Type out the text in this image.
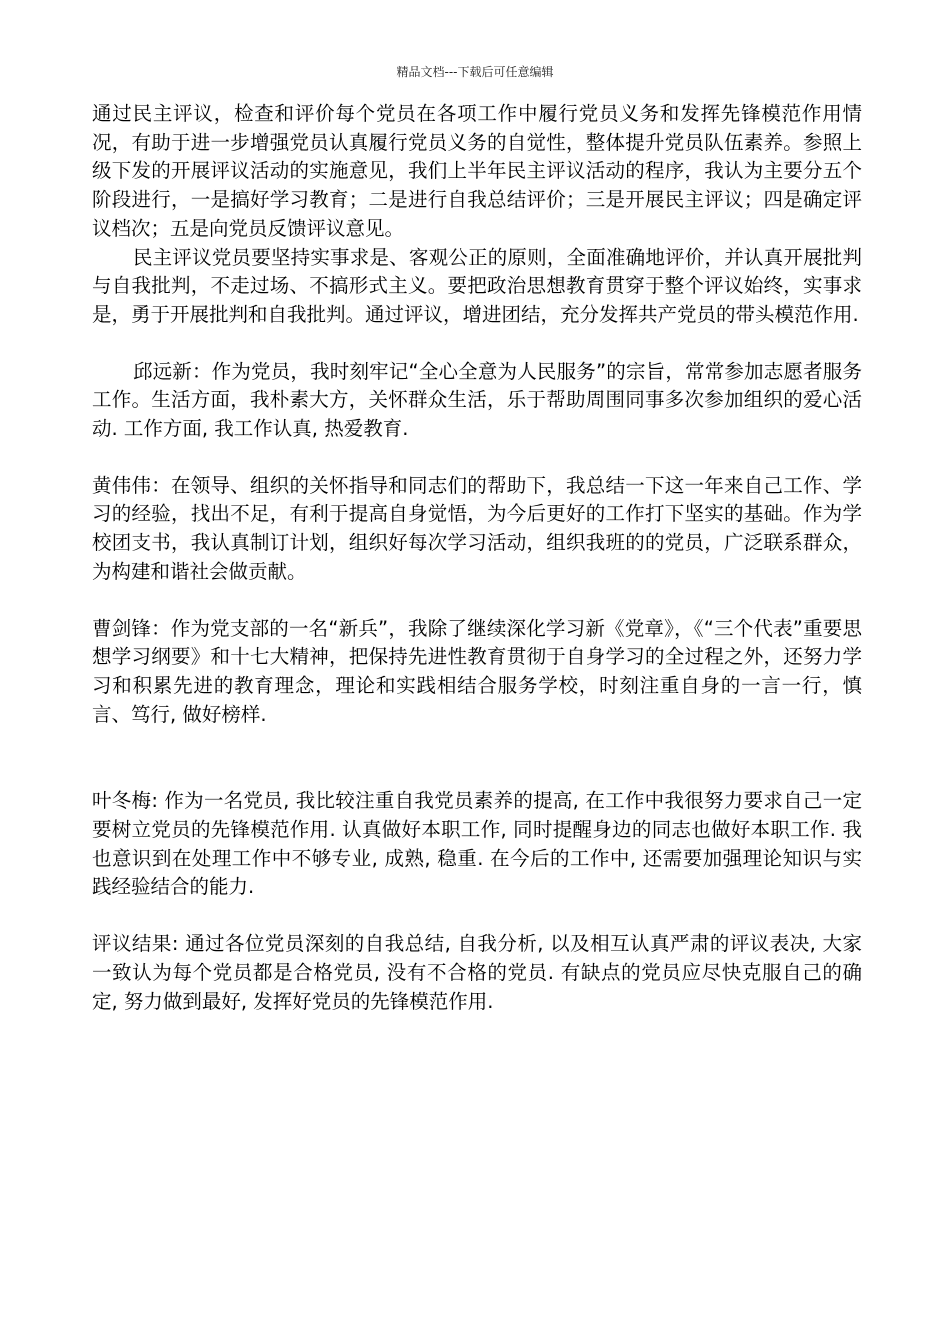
精品文档---下载后可任意编辑

通过民主评议，检查和评价每个党员在各项工作中履行党员义务和发挥先锋模范作用情况，有助于进一步增强党员认真履行党员义务的自觉性，整体提升党员队伍素养。参照上级下发的开展评议活动的实施意见，我们上半年民主评议活动的程序，我认为主要分五个阶段进行，一是搞好学习教育；二是进行自我总结评价；三是开展民主评议；四是确定评议档次；五是向党员反馈评议意见。

民主评议党员要坚持实事求是、客观公正的原则，全面准确地评价，并认真开展批判与自我批判，不走过场、不搞形式主义。要把政治思想教育贯穿于整个评议始终，实事求是，勇于开展批判和自我批判。通过评议，增进团结，充分发挥共产党员的带头模范作用.

邱远新：作为党员，我时刻牢记“全心全意为人民服务”的宗旨，常常参加志愿者服务工作。生活方面，我朴素大方，关怀群众生活，乐于帮助周围同事多次参加组织的爱心活动. 工作方面, 我工作认真, 热爱教育.

黄伟伟：在领导、组织的关怀指导和同志们的帮助下，我总结一下这一年来自己工作、学习的经验，找出不足，有利于提高自身觉悟，为今后更好的工作打下坚实的基础。作为学校团支书，我认真制订计划，组织好每次学习活动，组织我班的的党员，广泛联系群众，为构建和谐社会做贡献。

曹剑锋：作为党支部的一名“新兵”，我除了继续深化学习新《党章》，《“三个代表”重要思想学习纲要》和十七大精神，把保持先进性教育贯彻于自身学习的全过程之外，还努力学习和积累先进的教育理念，理论和实践相结合服务学校，时刻注重自身的一言一行，慎言、笃行, 做好榜样.

叶冬梅: 作为一名党员, 我比较注重自我党员素养的提高, 在工作中我很努力要求自己一定要树立党员的先锋模范作用. 认真做好本职工作, 同时提醒身边的同志也做好本职工作. 我也意识到在处理工作中不够专业, 成熟, 稳重. 在今后的工作中, 还需要加强理论知识与实践经验结合的能力.

评议结果: 通过各位党员深刻的自我总结, 自我分析, 以及相互认真严肃的评议表决, 大家一致认为每个党员都是合格党员, 没有不合格的党员. 有缺点的党员应尽快克服自己的确定, 努力做到最好, 发挥好党员的先锋模范作用.
